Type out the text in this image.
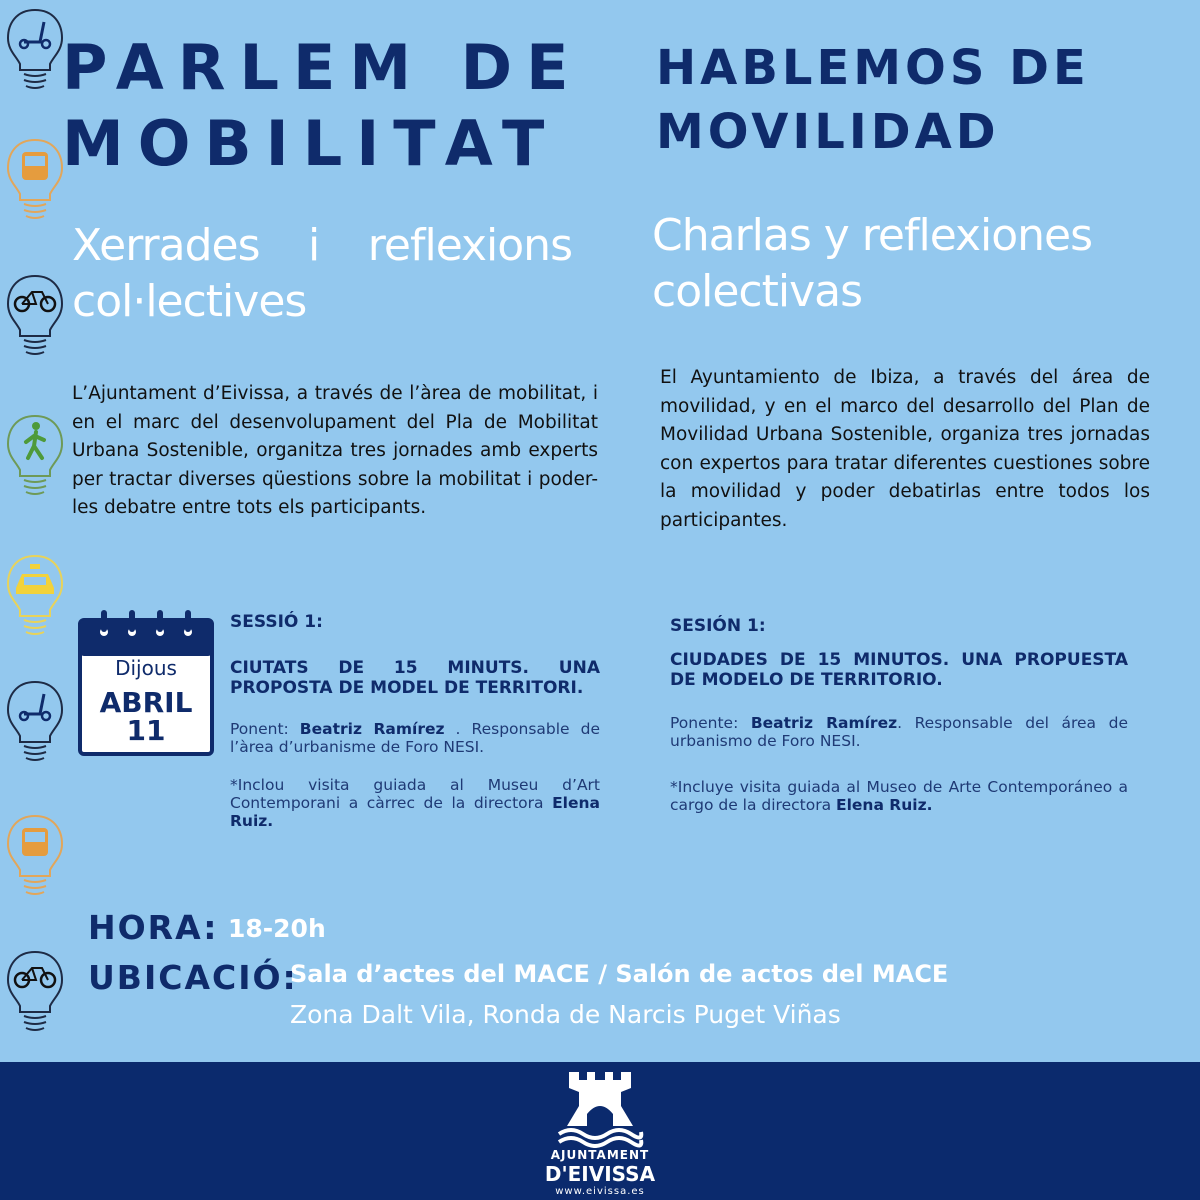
PARLEM DE
MOBILITAT
HABLEMOS DE
MOVILIDAD
Xerrades i reflexions col·lectives
Charlas y reflexiones colectivas
L’Ajuntament d’Eivissa, a través de l’àrea de mobilitat, i en el marc del desenvolupament del Pla de Mobilitat Urbana Sostenible, organitza tres jornades amb experts per tractar diverses qüestions sobre la mobilitat i poder-les debatre entre tots els participants.
El Ayuntamiento de Ibiza, a través del área de movilidad, y en el marco del desarrollo del Plan de Movilidad Urbana Sostenible, organiza tres jornadas con expertos para tratar diferentes cuestiones sobre la movilidad y poder debatirlas entre todos los participantes.
Dijous
ABRIL
11
SESSIÓ 1:
CIUTATS DE 15 MINUTS. UNA PROPOSTA DE MODEL DE TERRITORI.
Ponent: Beatriz Ramírez . Responsable de l’àrea d’urbanisme de Foro NESI.
*Inclou visita guiada al Museu d’Art Contemporani a càrrec de la directora Elena Ruiz.
SESIÓN 1:
CIUDADES DE 15 MINUTOS. UNA PROPUESTA DE MODELO DE TERRITORIO.
Ponente: Beatriz Ramírez. Responsable del área de urbanismo de Foro NESI.
*Incluye visita guiada al Museo de Arte Contemporáneo a cargo de la directora Elena Ruiz.
HORA: 18-20h
UBICACIÓ:
Sala d’actes del MACE / Salón de actos del MACE
Zona Dalt Vila, Ronda de Narcis Puget Viñas
AJUNTAMENT
D'EIVISSA
www.eivissa.es
